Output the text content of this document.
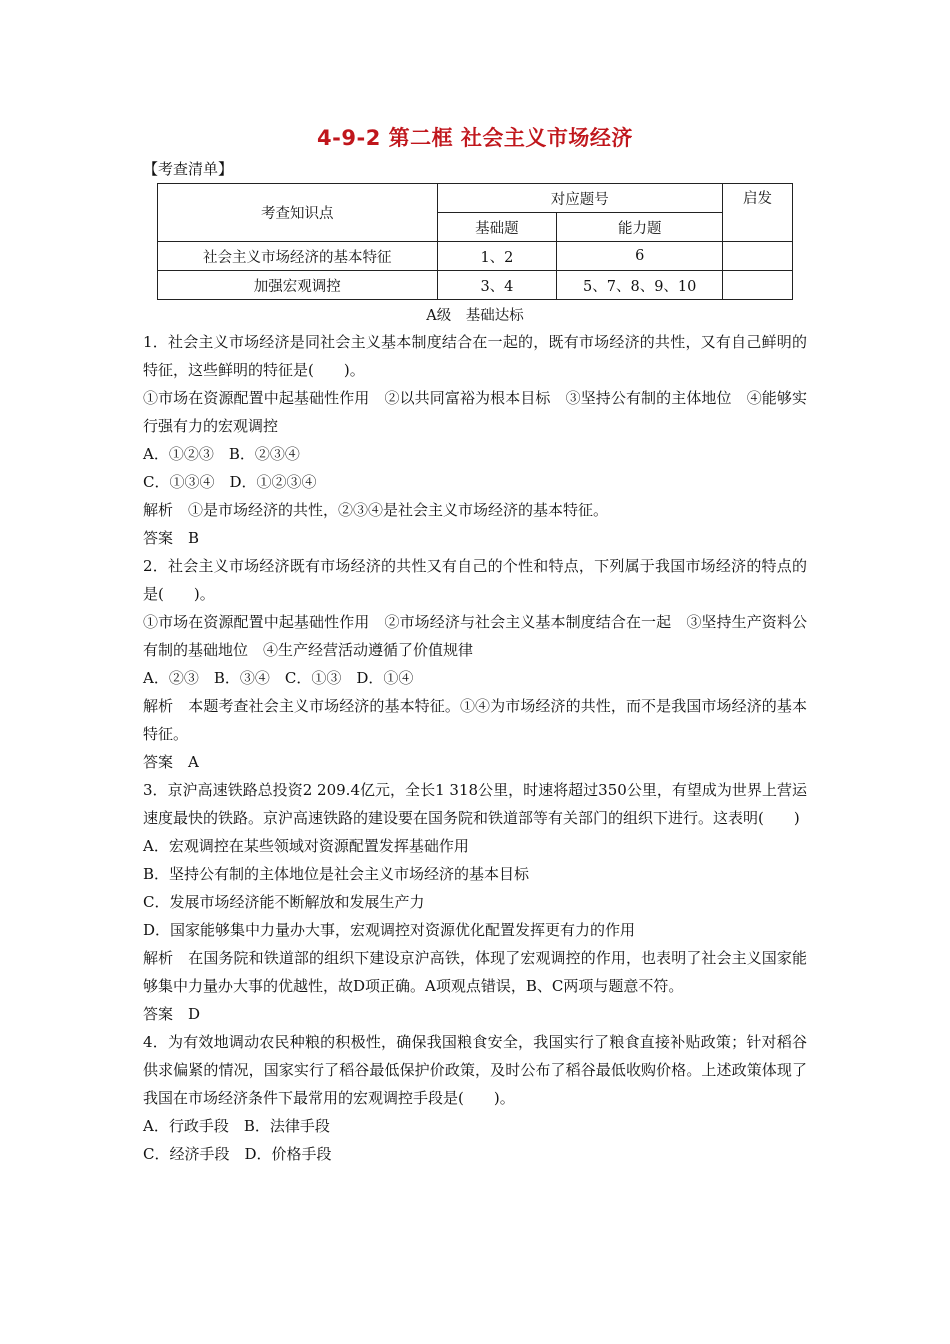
4-9-2 第二框 社会主义市场经济
【考查清单】
考查知识点	对应题号		启发
	基础题	能力题	
社会主义市场经济的基本特征	1、2	6	
加强宏观调控	3、4	5、7、8、9、10	
A级　基础达标

1．社会主义市场经济是同社会主义基本制度结合在一起的，既有市场经济的共性，又有自己鲜明的特征，这些鲜明的特征是(　　)。

①市场在资源配置中起基础性作用　②以共同富裕为根本目标　③坚持公有制的主体地位　④能够实行强有力的宏观调控

A．①②③　B．②③④

C．①③④　D．①②③④

解析　①是市场经济的共性，②③④是社会主义市场经济的基本特征。

答案　B

2．社会主义市场经济既有市场经济的共性又有自己的个性和特点，下列属于我国市场经济的特点的是(　　)。

①市场在资源配置中起基础性作用　②市场经济与社会主义基本制度结合在一起　③坚持生产资料公有制的基础地位　④生产经营活动遵循了价值规律

A．②③　B．③④　C．①③　D．①④

解析　本题考查社会主义市场经济的基本特征。①④为市场经济的共性，而不是我国市场经济的基本特征。

答案　A

3．京沪高速铁路总投资2 209.4亿元，全长1 318公里，时速将超过350公里，有望成为世界上营运速度最快的铁路。京沪高速铁路的建设要在国务院和铁道部等有关部门的组织下进行。这表明(　　)

A．宏观调控在某些领域对资源配置发挥基础作用

B．坚持公有制的主体地位是社会主义市场经济的基本目标

C．发展市场经济能不断解放和发展生产力

D．国家能够集中力量办大事，宏观调控对资源优化配置发挥更有力的作用

解析　在国务院和铁道部的组织下建设京沪高铁，体现了宏观调控的作用，也表明了社会主义国家能够集中力量办大事的优越性，故D项正确。A项观点错误，B、C两项与题意不符。

答案　D

4．为有效地调动农民种粮的积极性，确保我国粮食安全，我国实行了粮食直接补贴政策；针对稻谷供求偏紧的情况，国家实行了稻谷最低保护价政策，及时公布了稻谷最低收购价格。上述政策体现了我国在市场经济条件下最常用的宏观调控手段是(　　)。

A．行政手段　B．法律手段

C．经济手段　D．价格手段
